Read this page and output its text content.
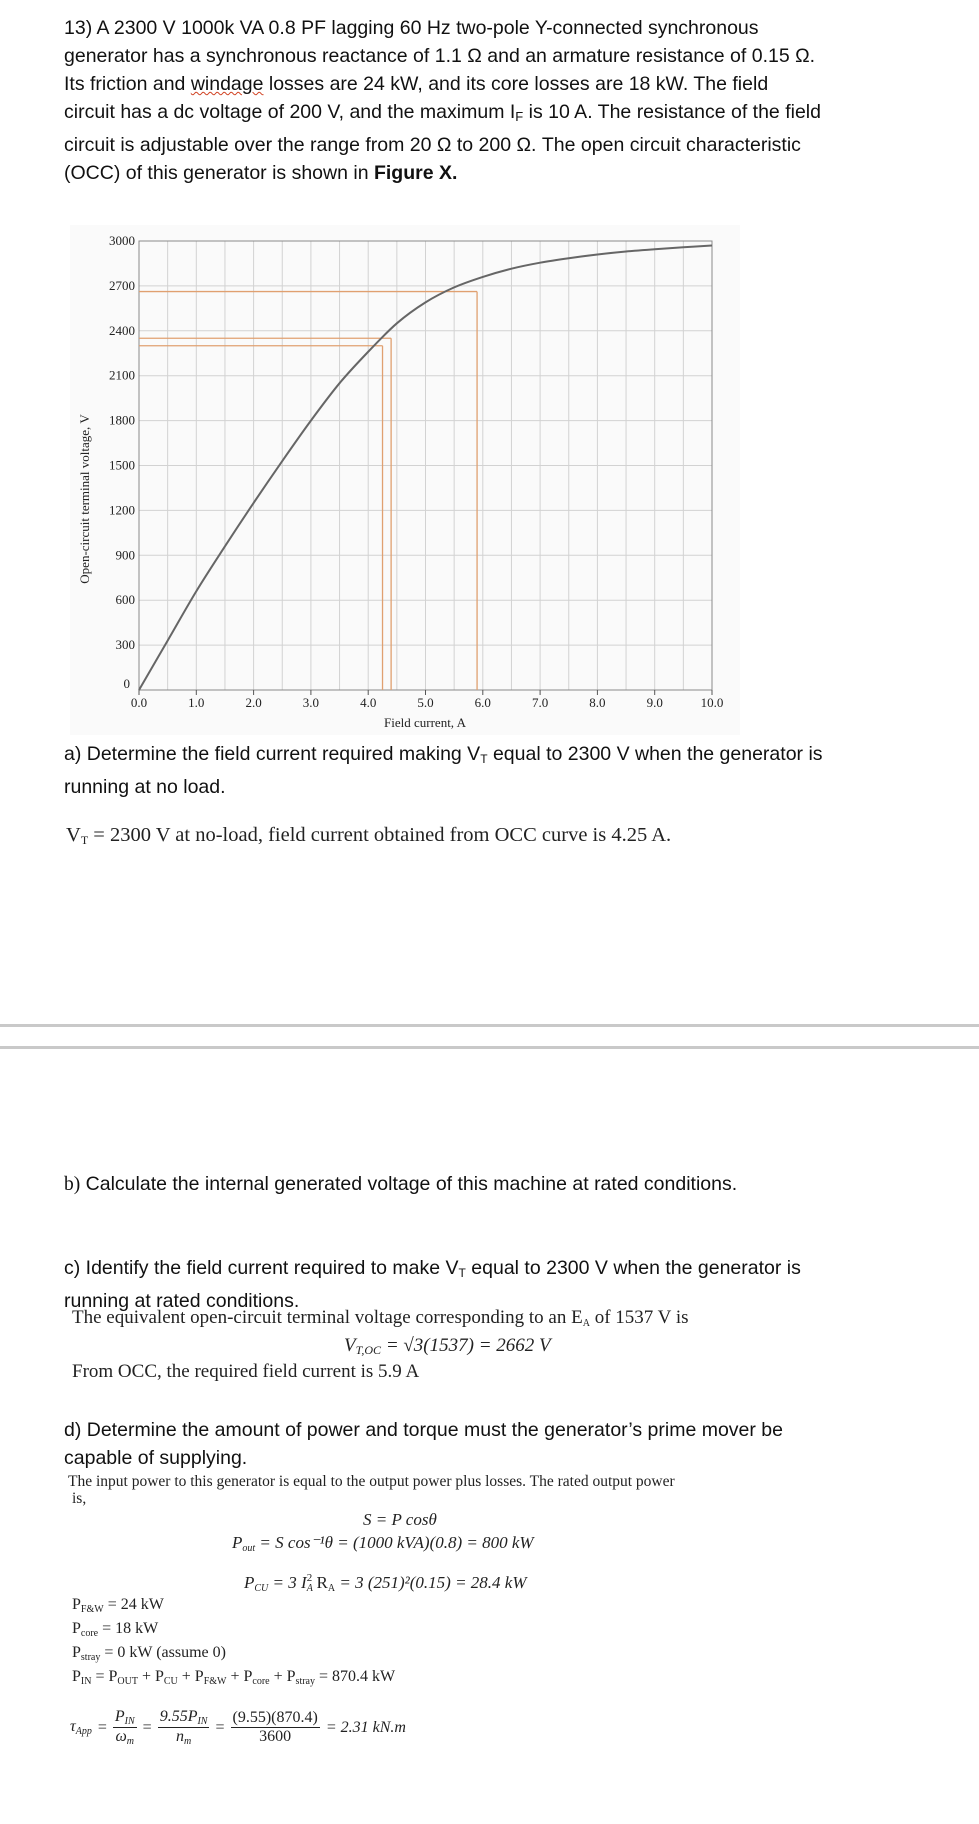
13) A 2300 V 1000k VA 0.8 PF lagging 60 Hz two-pole Y-connected synchronous
generator has a synchronous reactance of 1.1 Ω and an armature resistance of 0.15 Ω.
Its friction and windage losses are 24 kW, and its core losses are 18 kW. The field
circuit has a dc voltage of 200 V, and the maximum $I_F$ is 10 A. The resistance of the field
circuit is adjustable over the range from 20 Ω to 200 Ω. The open circuit characteristic
(OCC) of this generator is shown in Figure X.
0.0	1.0	2.0	3.0	4.0	5.0	6.0	7.0	8.0	9.0	10.0
0
300
600
900
1200
1500
1800
2100
2400
2700
3000
Field current, A
Open-circuit terminal voltage, V
a) Determine the field current required making $V_T$ equal to 2300 V when the generator is
running at no load.
$V_T = 2300$ V at no-load, field current obtained from OCC curve is 4.25 A.
b) Calculate the internal generated voltage of this machine at rated conditions.
c) Identify the field current required to make $V_T$ equal to 2300 V when the generator is
running at rated conditions.
The equivalent open-circuit terminal voltage corresponding to an EA of 1537 V is
$V_{T,OC} = √3(1537) = 2662$ V
From OCC, the required field current is 5.9 A
d) Determine the amount of power and torque must the generator’s prime mover be
capable of supplying.
The input power to this generator is equal to the output power plus losses. The rated output power
is,
S = P cosθ
Pout = S cos⁻¹θ = (1000 kVA)(0.8) = 800 kW
PCU = 3 $IA^2$ RA = 3 (251)²(0.15) = 28.4 kW
PF&W = 24 kW
Pcore = 18 kW
Pstray = 0 kW (assume 0)
PIN = POUT + PCU + PF&W + Pcore + Pstray = 870.4 kW
$\tau App = \frac{\text{PIN}}{\omega m} = \frac{\text{9.55PIN}}{nm} = \frac{(9.55)(870.4)}{3600} = 2.31$ kN.m
